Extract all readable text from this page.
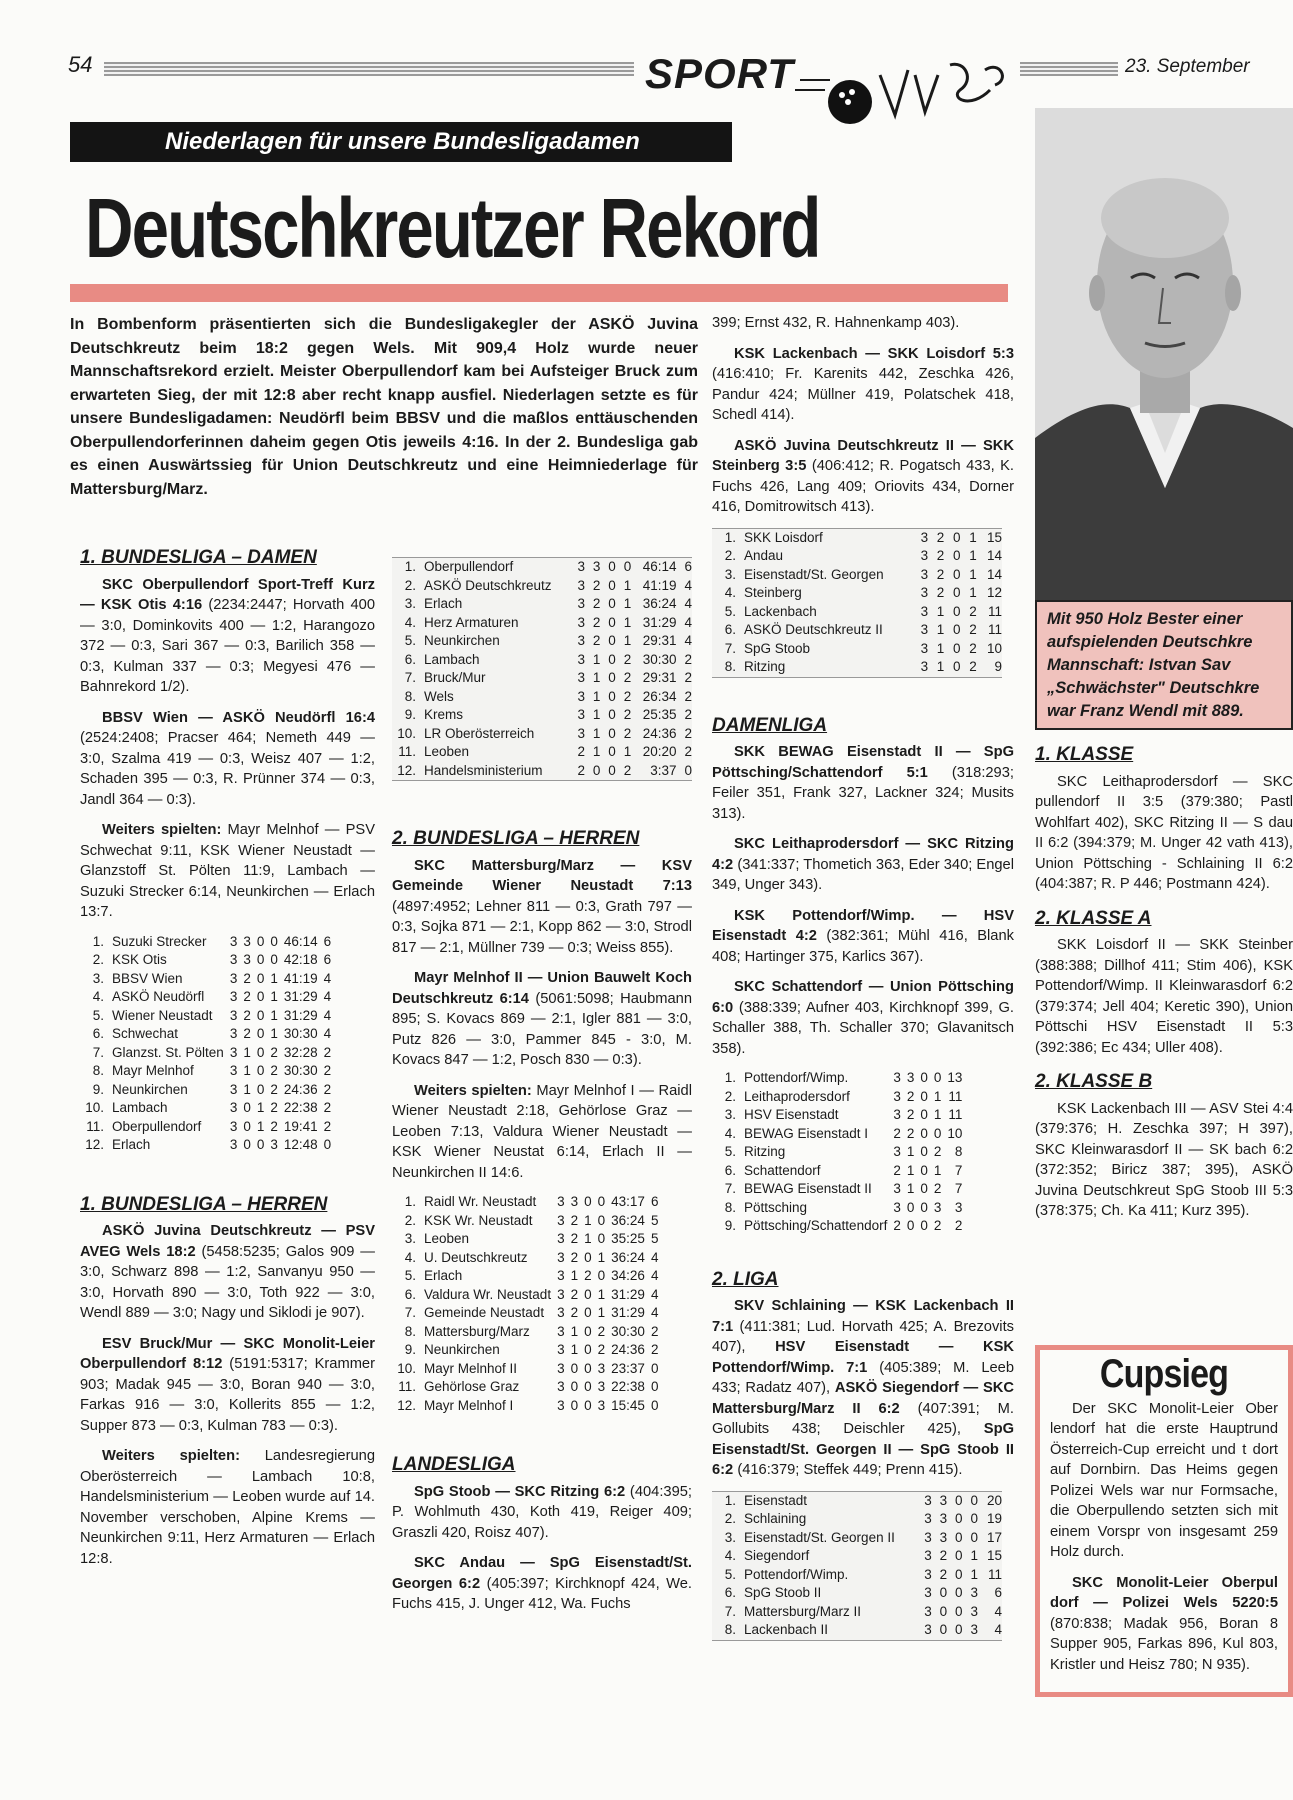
54	SPORT	23. September
Niederlagen für unsere Bundesligadamen
Deutschkreutzer Rekord
In Bombenform präsentierten sich die Bundesligakegler der ASKÖ Juvina Deutschkreutz beim 18:2 gegen Wels. Mit 909,4 Holz wurde neuer Mannschaftsrekord erzielt. Meister Oberpullendorf kam bei Aufsteiger Bruck zum erwarteten Sieg, der mit 12:8 aber recht knapp ausfiel. Niederlagen setzte es für unsere Bundesligadamen: Neudörfl beim BBSV und die maßlos enttäuschenden Oberpullendorferinnen daheim gegen Otis jeweils 4:16. In der 2. Bundesliga gab es einen Auswärtssieg für Union Deutschkreutz und eine Heimniederlage für Mattersburg/Marz.
1. BUNDESLIGA – DAMEN

SKC Oberpullendorf Sport-Treff Kurz — KSK Otis 4:16 (2234:2447; Horvath 400 — 3:0, Dominkovits 400 — 1:2, Harangozo 372 — 0:3, Sari 367 — 0:3, Barilich 358 — 0:3, Kulman 337 — 0:3; Megyesi 476 — Bahnrekord 1/2).

BBSV Wien — ASKÖ Neudörfl 16:4 (2524:2408; Pracser 464; Nemeth 449 — 3:0, Szalma 419 — 0:3, Weisz 407 — 1:2, Schaden 395 — 0:3, R. Prünner 374 — 0:3, Jandl 364 — 0:3).

Weiters spielten: Mayr Melnhof — PSV Schwechat 9:11, KSK Wiener Neustadt — Glanzstoff St. Pölten 11:9, Lambach — Suzuki Strecker 6:14, Neunkirchen — Erlach 13:7.

1.	Suzuki Strecker	3	3	0	0	46:14	6
2.	KSK Otis	3	3	0	0	42:18	6
3.	BBSV Wien	3	2	0	1	41:19	4
4.	ASKÖ Neudörfl	3	2	0	1	31:29	4
5.	Wiener Neustadt	3	2	0	1	31:29	4
6.	Schwechat	3	2	0	1	30:30	4
7.	Glanzst. St. Pölten	3	1	0	2	32:28	2
8.	Mayr Melnhof	3	1	0	2	30:30	2
9.	Neunkirchen	3	1	0	2	24:36	2
10.	Lambach	3	0	1	2	22:38	2
11.	Oberpullendorf	3	0	1	2	19:41	2
12.	Erlach	3	0	0	3	12:48	0
1. BUNDESLIGA – HERREN

ASKÖ Juvina Deutschkreutz — PSV AVEG Wels 18:2 (5458:5235; Galos 909 — 3:0, Schwarz 898 — 1:2, Sanvanyu 950 — 3:0, Horvath 890 — 3:0, Toth 922 — 3:0, Wendl 889 — 3:0; Nagy und Siklodi je 907).

ESV Bruck/Mur — SKC Monolit-Leier Oberpullendorf 8:12 (5191:5317; Krammer 903; Madak 945 — 3:0, Boran 940 — 3:0, Farkas 916 — 3:0, Kollerits 855 — 1:2, Supper 873 — 0:3, Kulman 783 — 0:3).

Weiters spielten: Landesregierung Oberösterreich — Lambach 10:8, Handelsministerium — Leoben wurde auf 14. November verschoben, Alpine Krems — Neunkirchen 9:11, Herz Armaturen — Erlach 12:8.

1.	Oberpullendorf	3	3	0	0	46:14	6
2.	ASKÖ Deutschkreutz	3	2	0	1	41:19	4
3.	Erlach	3	2	0	1	36:24	4
4.	Herz Armaturen	3	2	0	1	31:29	4
5.	Neunkirchen	3	2	0	1	29:31	4
6.	Lambach	3	1	0	2	30:30	2
7.	Bruck/Mur	3	1	0	2	29:31	2
8.	Wels	3	1	0	2	26:34	2
9.	Krems	3	1	0	2	25:35	2
10.	LR Oberösterreich	3	1	0	2	24:36	2
11.	Leoben	2	1	0	1	20:20	2
12.	Handelsministerium	2	0	0	2	3:37	0
2. BUNDESLIGA – HERREN

SKC Mattersburg/Marz — KSV Gemeinde Wiener Neustadt 7:13 (4897:4952; Lehner 811 — 0:3, Grath 797 — 0:3, Sojka 871 — 2:1, Kopp 862 — 3:0, Strodl 817 — 2:1, Müllner 739 — 0:3; Weiss 855).

Mayr Melnhof II — Union Bauwelt Koch Deutschkreutz 6:14 (5061:5098; Haubmann 895; S. Kovacs 869 — 2:1, Igler 881 — 3:0, Putz 826 — 3:0, Pammer 845 - 3:0, M. Kovacs 847 — 1:2, Posch 830 — 0:3).

Weiters spielten: Mayr Melnhof I — Raidl Wiener Neustadt 2:18, Gehörlose Graz — Leoben 7:13, Valdura Wiener Neustadt — KSK Wiener Neustat 6:14, Erlach II — Neunkirchen II 14:6.

1.	Raidl Wr. Neustadt	3	3	0	0	43:17	6
2.	KSK Wr. Neustadt	3	2	1	0	36:24	5
3.	Leoben	3	2	1	0	35:25	5
4.	U. Deutschkreutz	3	2	0	1	36:24	4
5.	Erlach	3	1	2	0	34:26	4
6.	Valdura Wr. Neustadt	3	2	0	1	31:29	4
7.	Gemeinde Neustadt	3	2	0	1	31:29	4
8.	Mattersburg/Marz	3	1	0	2	30:30	2
9.	Neunkirchen	3	1	0	2	24:36	2
10.	Mayr Melnhof II	3	0	0	3	23:37	0
11.	Gehörlose Graz	3	0	0	3	22:38	0
12.	Mayr Melnhof I	3	0	0	3	15:45	0
LANDESLIGA

SpG Stoob — SKC Ritzing 6:2 (404:395; P. Wohlmuth 430, Koth 419, Reiger 409; Graszli 420, Roisz 407).

SKC Andau — SpG Eisenstadt/St. Georgen 6:2 (405:397; Kirchknopf 424, We. Fuchs 415, J. Unger 412, Wa. Fuchs

399; Ernst 432, R. Hahnenkamp 403).

KSK Lackenbach — SKK Loisdorf 5:3 (416:410; Fr. Karenits 442, Zeschka 426, Pandur 424; Müllner 419, Polatschek 418, Schedl 414).

ASKÖ Juvina Deutschkreutz II — SKK Steinberg 3:5 (406:412; R. Pogatsch 433, K. Fuchs 426, Lang 409; Oriovits 434, Dorner 416, Domitrowitsch 413).

1.	SKK Loisdorf	3	2	0	1	15
2.	Andau	3	2	0	1	14
3.	Eisenstadt/St. Georgen	3	2	0	1	14
4.	Steinberg	3	2	0	1	12
5.	Lackenbach	3	1	0	2	11
6.	ASKÖ Deutschkreutz II	3	1	0	2	11
7.	SpG Stoob	3	1	0	2	10
8.	Ritzing	3	1	0	2	9
DAMENLIGA

SKK BEWAG Eisenstadt II — SpG Pöttsching/Schattendorf 5:1 (318:293; Feiler 351, Frank 327, Lackner 324; Musits 313).

SKC Leithaprodersdorf — SKC Ritzing 4:2 (341:337; Thometich 363, Eder 340; Engel 349, Unger 343).

KSK Pottendorf/Wimp. — HSV Eisenstadt 4:2 (382:361; Mühl 416, Blank 408; Hartinger 375, Karlics 367).

SKC Schattendorf — Union Pöttsching 6:0 (388:339; Aufner 403, Kirchknopf 399, G. Schaller 388, Th. Schaller 370; Glavanitsch 358).

1.	Pottendorf/Wimp.	3	3	0	0	13
2.	Leithaprodersdorf	3	2	0	1	11
3.	HSV Eisenstadt	3	2	0	1	11
4.	BEWAG Eisenstadt I	2	2	0	0	10
5.	Ritzing	3	1	0	2	8
6.	Schattendorf	2	1	0	1	7
7.	BEWAG Eisenstadt II	3	1	0	2	7
8.	Pöttsching	3	0	0	3	3
9.	Pöttsching/Schattendorf	2	0	0	2	2
2. LIGA

SKV Schlaining — KSK Lackenbach II 7:1 (411:381; Lud. Horvath 425; A. Brezovits 407), HSV Eisenstadt — KSK Pottendorf/Wimp. 7:1 (405:389; M. Leeb 433; Radatz 407), ASKÖ Siegendorf — SKC Mattersburg/Marz II 6:2 (407:391; M. Gollubits 438; Deischler 425), SpG Eisenstadt/St. Georgen II — SpG Stoob II 6:2 (416:379; Steffek 449; Prenn 415).

1.	Eisenstadt	3	3	0	0	20
2.	Schlaining	3	3	0	0	19
3.	Eisenstadt/St. Georgen II	3	3	0	0	17
4.	Siegendorf	3	2	0	1	15
5.	Pottendorf/Wimp.	3	2	0	1	11
6.	SpG Stoob II	3	0	0	3	6
7.	Mattersburg/Marz II	3	0	0	3	4
8.	Lackenbach II	3	0	0	3	4
Mit 950 Holz Bester einer aufspielenden Deutschkre Mannschaft: Istvan Sav „Schwächster" Deutschkre war Franz Wendl mit 889.
1. KLASSE

SKC Leithaprodersdorf — SKC pullendorf II 3:5 (379:380; Pastl Wohlfart 402), SKC Ritzing II — S dau II 6:2 (394:379; M. Unger 42 vath 413), Union Pöttsching - Schlaining II 6:2 (404:387; R. P 446; Postmann 424).

2. KLASSE A

SKK Loisdorf II — SKK Steinber (388:388; Dillhof 411; Stim 406), KSK Pottendorf/Wimp. II Kleinwarasdorf 6:2 (379:374; Jell 404; Keretic 390), Union Pöttschi HSV Eisenstadt II 5:3 (392:386; Ec 434; Uller 408).

2. KLASSE B

KSK Lackenbach III — ASV Stei 4:4 (379:376; H. Zeschka 397; H 397), SKC Kleinwarasdorf II — SK bach 6:2 (372:352; Biricz 387; 395), ASKÖ Juvina Deutschkreut SpG Stoob III 5:3 (378:375; Ch. Ka 411; Kurz 395).

Cupsieg

Der SKC Monolit-Leier Ober lendorf hat die erste Hauptrund Österreich-Cup erreicht und t dort auf Dornbirn. Das Heims gegen Polizei Wels war nur Formsache, die Oberpullendo setzten sich mit einem Vorspr von insgesamt 259 Holz durch.

SKC Monolit-Leier Oberpul dorf — Polizei Wels 5220:5 (870:838; Madak 956, Boran 8 Supper 905, Farkas 896, Kul 803, Kristler und Heisz 780; N 935).
